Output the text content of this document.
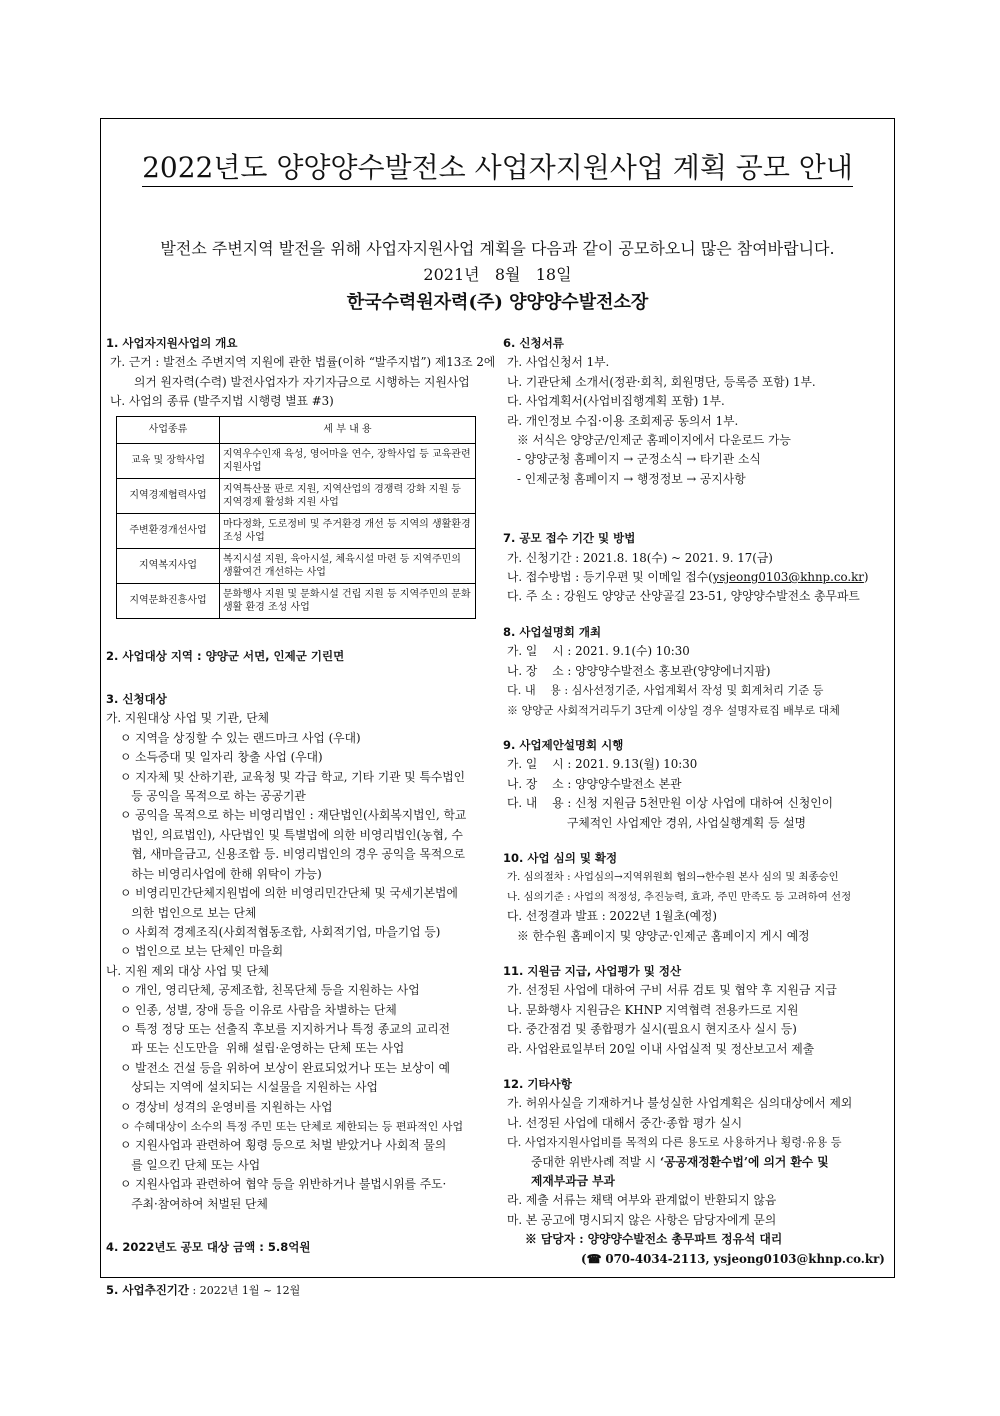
2022년도 양양양수발전소 사업자지원사업 계획 공모 안내
발전소 주변지역 발전을 위해 사업자지원사업 계획을 다음과 같이 공모하오니 많은 참여바랍니다.
2021년   8월   18일
한국수력원자력(주) 양양양수발전소장
1. 사업자지원사업의 개요
가. 근거 : 발전소 주변지역 지원에 관한 법률(이하 “발주지법”) 제13조 2에
의거 원자력(수력) 발전사업자가 자기자금으로 시행하는 지원사업
나. 사업의 종류 (발주지법 시행령 별표 #3)
사업종류	세 부 내 용
교육 및 장학사업	지역우수인재 육성, 영어마을 연수, 장학사업 등 교육관련 지원사업
지역경제협력사업	지역특산물 판로 지원, 지역산업의 경쟁력 강화 지원 등 지역경제 활성화 지원 사업
주변환경개선사업	마다정화, 도로정비 및 주거환경 개선 등 지역의 생활환경 조성 사업
지역복지사업	복지시설 지원, 육아시설, 체육시설 마련 등 지역주민의 생활여건 개선하는 사업
지역문화진흥사업	문화행사 지원 및 문화시설 건립 지원 등 지역주민의 문화생활 환경 조성 사업
2. 사업대상 지역 : 양양군 서면, 인제군 기린면
3. 신청대상
가. 지원대상 사업 및 기관, 단체
ㅇ 지역을 상징할 수 있는 랜드마크 사업 (우대)
ㅇ 소득증대 및 일자리 창출 사업 (우대)
ㅇ 지자체 및 산하기관, 교육청 및 각급 학교, 기타 기관 및 특수법인
등 공익을 목적으로 하는 공공기관
ㅇ 공익을 목적으로 하는 비영리법인 : 재단법인(사회복지법인, 학교
법인, 의료법인), 사단법인 및 특별법에 의한 비영리법인(농협, 수
협, 새마을금고, 신용조합 등. 비영리법인의 경우 공익을 목적으로
하는 비영리사업에 한해 위탁이 가능)
ㅇ 비영리민간단체지원법에 의한 비영리민간단체 및 국세기본법에
의한 법인으로 보는 단체
ㅇ 사회적 경제조직(사회적협동조합, 사회적기업, 마을기업 등)
ㅇ 법인으로 보는 단체인 마을회
나. 지원 제외 대상 사업 및 단체
ㅇ 개인, 영리단체, 공제조합, 친목단체 등을 지원하는 사업
ㅇ 인종, 성별, 장애 등을 이유로 사람을 차별하는 단체
ㅇ 특정 정당 또는 선출직 후보를 지지하거나 특정 종교의 교리전
파 또는 신도만을  위해 설립·운영하는 단체 또는 사업
ㅇ 발전소 건설 등을 위하여 보상이 완료되었거나 또는 보상이 예
상되는 지역에 설치되는 시설물을 지원하는 사업
ㅇ 경상비 성격의 운영비를 지원하는 사업
ㅇ 수혜대상이 소수의 특정 주민 또는 단체로 제한되는 등 편파적인 사업
ㅇ 지원사업과 관련하여 횡령 등으로 처벌 받았거나 사회적 물의
를 일으킨 단체 또는 사업
ㅇ 지원사업과 관련하여 협약 등을 위반하거나 불법시위를 주도·
주최·참여하여 처벌된 단체
4. 2022년도 공모 대상 금액 : 5.8억원
5. 사업추진기간 : 2022년 1월 ~ 12월
6. 신청서류
가. 사업신청서 1부.
나. 기관단체 소개서(정관·회칙, 회원명단, 등록증 포함) 1부.
다. 사업계획서(사업비집행계획 포함) 1부.
라. 개인정보 수집·이용 조회제공 동의서 1부.
※ 서식은 양양군/인제군 홈페이지에서 다운로드 가능
- 양양군청 홈페이지 → 군정소식 → 타기관 소식
- 인제군청 홈페이지 → 행정정보 → 공지사항
7. 공모 접수 기간 및 방법
가. 신청기간 : 2021.8. 18(수) ~ 2021. 9. 17(금)
나. 접수방법 : 등기우편 및 이메일 접수(ysjeong0103@khnp.co.kr)
다. 주 소 : 강원도 양양군 산양골길 23-51, 양양양수발전소 총무파트
8. 사업설명회 개최
가. 일    시 : 2021. 9.1(수) 10:30
나. 장    소 : 양양양수발전소 홍보관(양양에너지팜)
다. 내    용 : 심사선정기준, 사업계획서 작성 및 회계처리 기준 등
※ 양양군 사회적거리두기 3단계 이상일 경우 설명자료집 배부로 대체
9. 사업제안설명회 시행
가. 일    시 : 2021. 9.13(월) 10:30
나. 장    소 : 양양양수발전소 본관
다. 내    용 : 신청 지원금 5천만원 이상 사업에 대하여 신청인이
구체적인 사업제안 경위, 사업실행계획 등 설명
10. 사업 심의 및 확정
가. 심의절차 : 사업심의→지역위원회 협의→한수원 본사 심의 및 최종승인
나. 심의기준 : 사업의 적정성, 추진능력, 효과, 주민 만족도 등 고려하여 선정
다. 선정결과 발표 : 2022년 1월초(예정)
※ 한수원 홈페이지 및 양양군·인제군 홈페이지 게시 예정
11. 지원금 지급, 사업평가 및 정산
가. 선정된 사업에 대하여 구비 서류 검토 및 협약 후 지원금 지급
나. 문화행사 지원금은 KHNP 지역협력 전용카드로 지원
다. 중간점검 및 종합평가 실시(필요시 현지조사 실시 등)
라. 사업완료일부터 20일 이내 사업실적 및 정산보고서 제출
12. 기타사항
가. 허위사실을 기재하거나 불성실한 사업계획은 심의대상에서 제외
나. 선정된 사업에 대해서 중간·종합 평가 실시
다. 사업자지원사업비를 목적외 다른 용도로 사용하거나 횡령·유용 등
중대한 위반사례 적발 시 ‘공공재정환수법’에 의거 환수 및
제재부과금 부과
라. 제출 서류는 채택 여부와 관계없이 반환되지 않음
마. 본 공고에 명시되지 않은 사항은 담당자에게 문의
※ 담당자 : 양양양수발전소 총무파트 정유석 대리
(☎ 070-4034-2113, ysjeong0103@khnp.co.kr)
